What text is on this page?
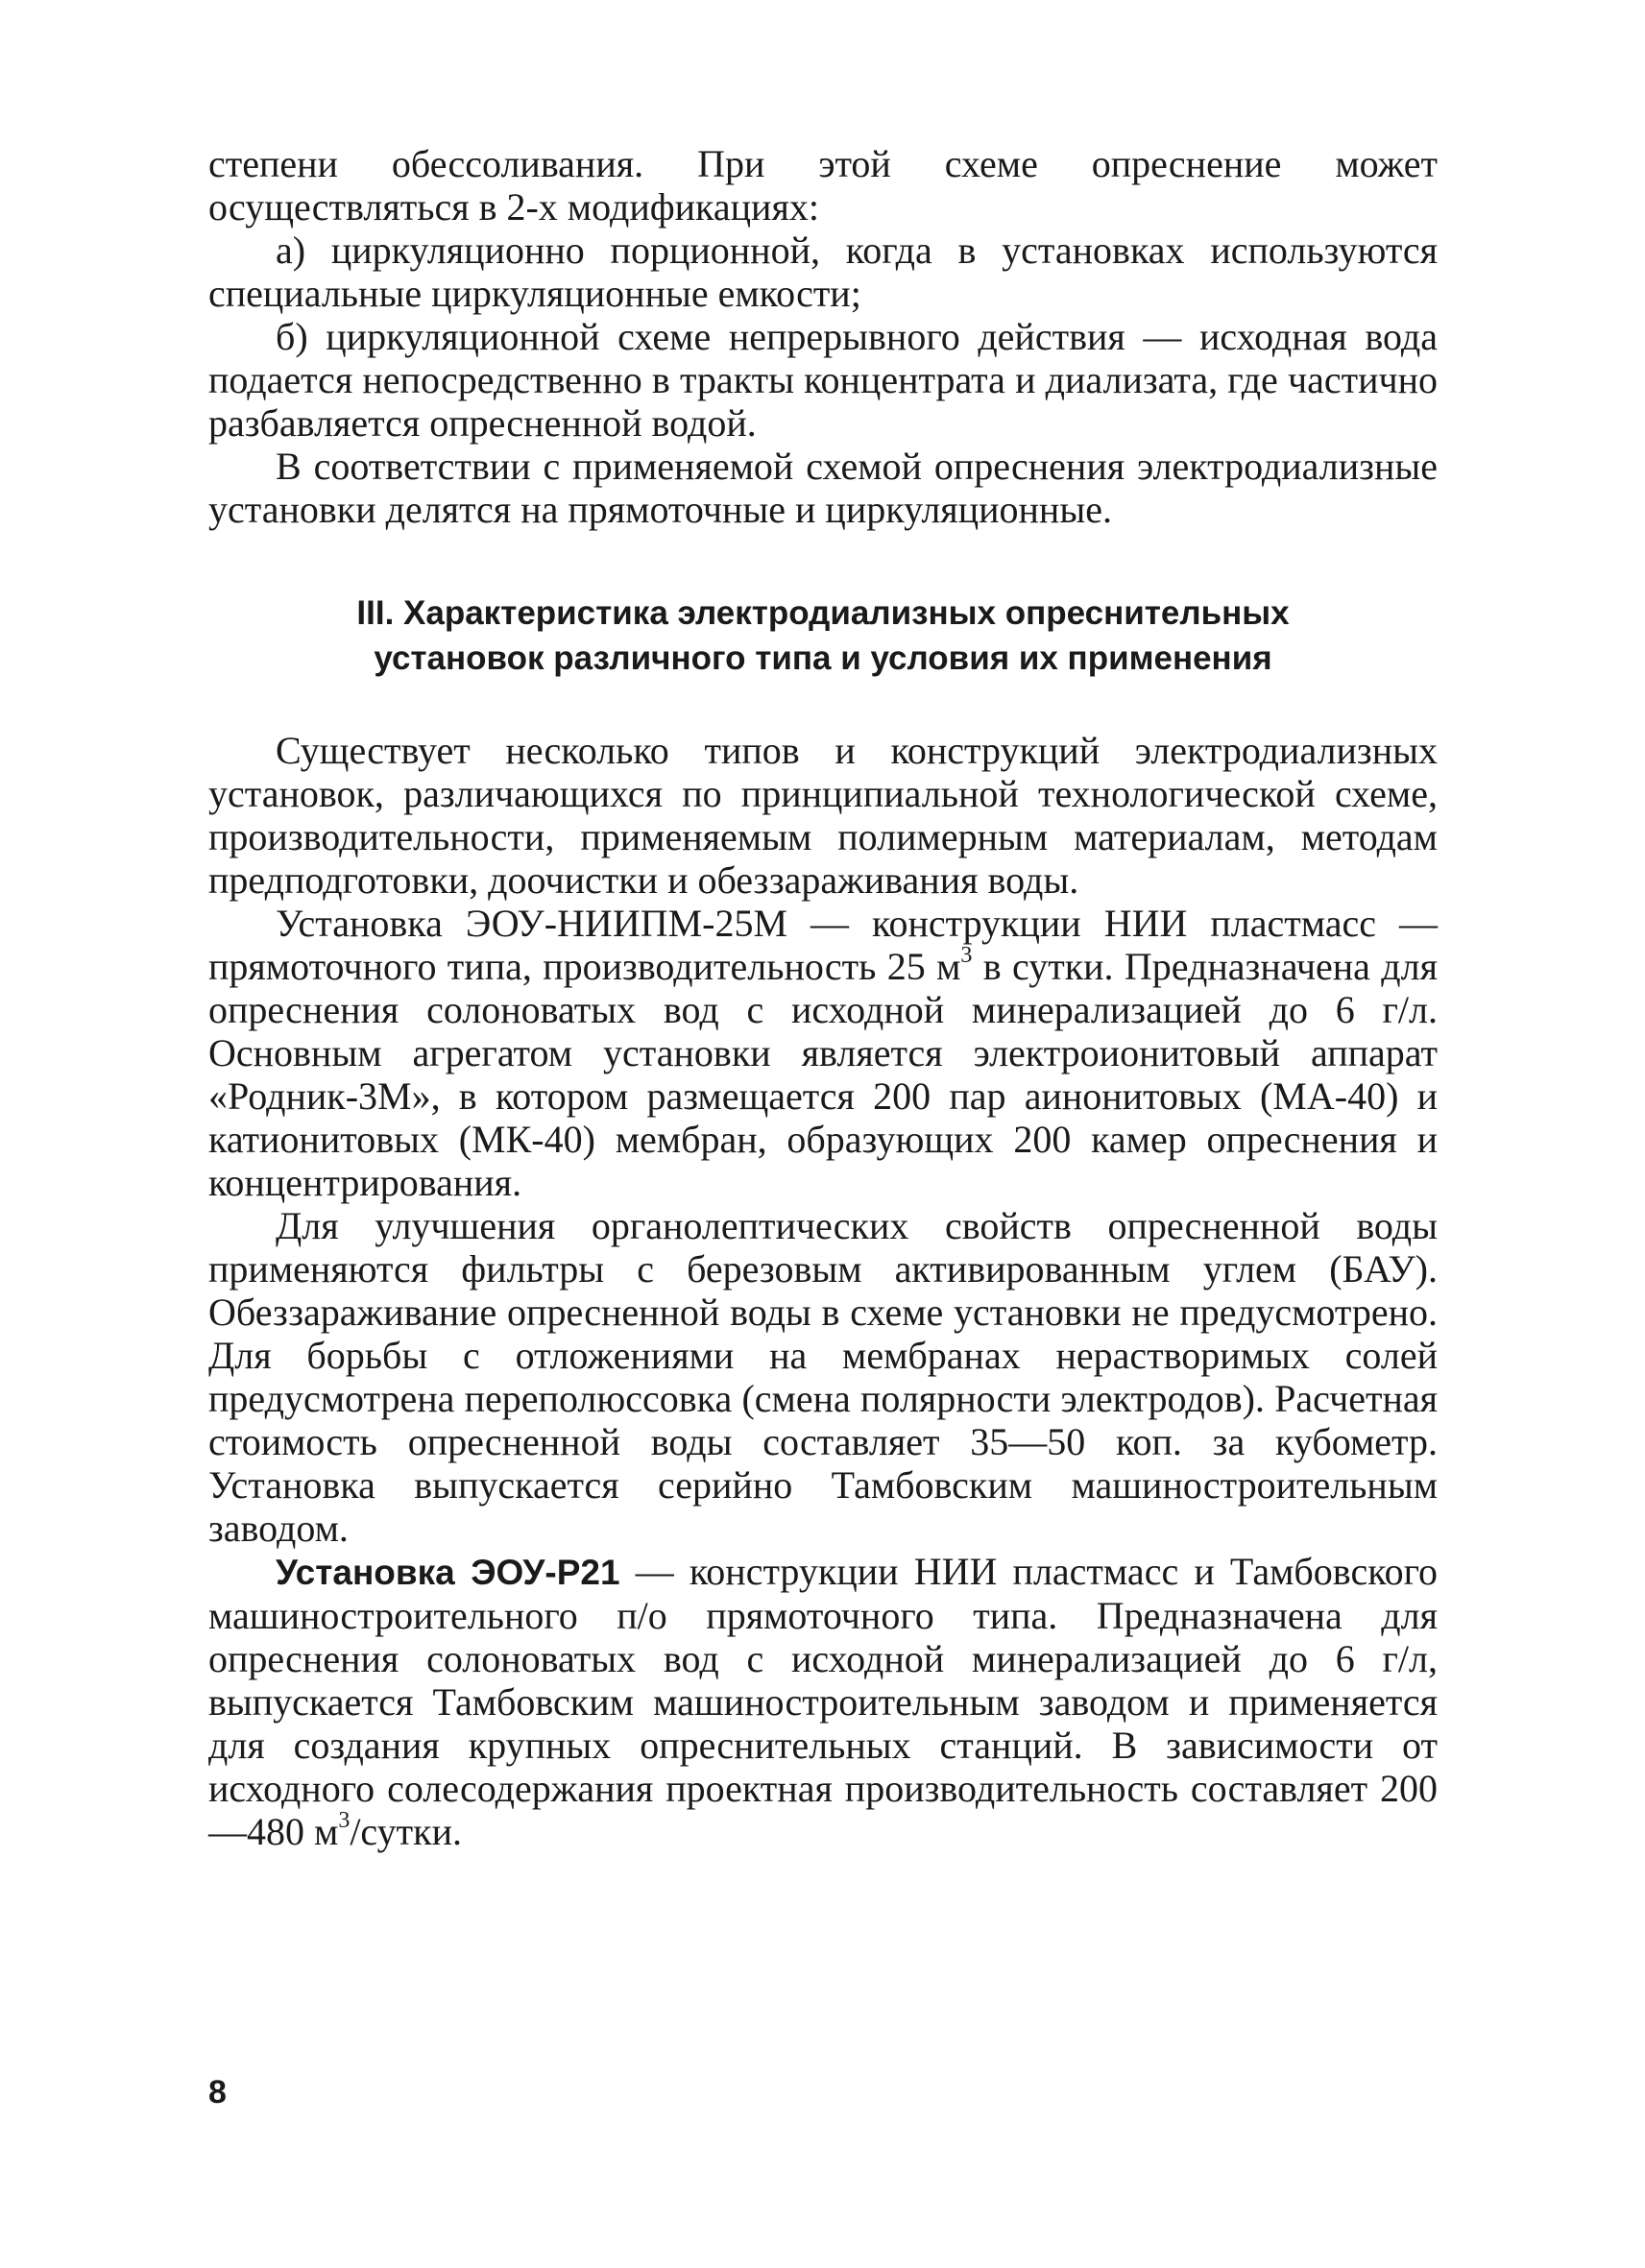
степени обессоливания. При этой схеме опреснение может осуществляться в 2-х модификациях:

а) циркуляционно порционной, когда в установках используются специальные циркуляционные емкости;

б) циркуляционной схеме непрерывного действия — исходная вода подается непосредственно в тракты концентрата и диализата, где частично разбавляется опресненной водой.

В соответствии с применяемой схемой опреснения электродиализные установки делятся на прямоточные и циркуляционные.

III. Характеристика электродиализных опреснительных
установок различного типа и условия их применения

Существует несколько типов и конструкций электродиализных установок, различающихся по принципиальной технологической схеме, производительности, применяемым полимерным материалам, методам предподготовки, доочистки и обеззараживания воды.

Установка ЭОУ-НИИПМ-25М — конструкции НИИ пластмасс — прямоточного типа, производительность 25 $м^3$ в сутки. Предназначена для опреснения солоноватых вод с исходной минерализацией до 6 г/л. Основным агрегатом установки является электроионитовый аппарат «Родник-3М», в котором размещается 200 пар аинонитовых (МА-40) и катионитовых (МК-40) мембран, образующих 200 камер опреснения и концентрирования.

Для улучшения органолептических свойств опресненной воды применяются фильтры с березовым активированным углем (БАУ). Обеззараживание опресненной воды в схеме установки не предусмотрено. Для борьбы с отложениями на мембранах нерастворимых солей предусмотрена переполюссовка (смена полярности электродов). Расчетная стоимость опресненной воды составляет 35—50 коп. за кубометр. Установка выпускается серийно Тамбовским машиностроительным заводом.

Установка ЭОУ-Р21 — конструкции НИИ пластмасс и Тамбовского машиностроительного п/о прямоточного типа. Предназначена для опреснения солоноватых вод с исходной минерализацией до 6 г/л, выпускается Тамбовским машиностроительным заводом и применяется для создания крупных опреснительных станций. В зависимости от исходного солесодержания проектная производительность составляет 200—480 $м^3$/сутки.

8
